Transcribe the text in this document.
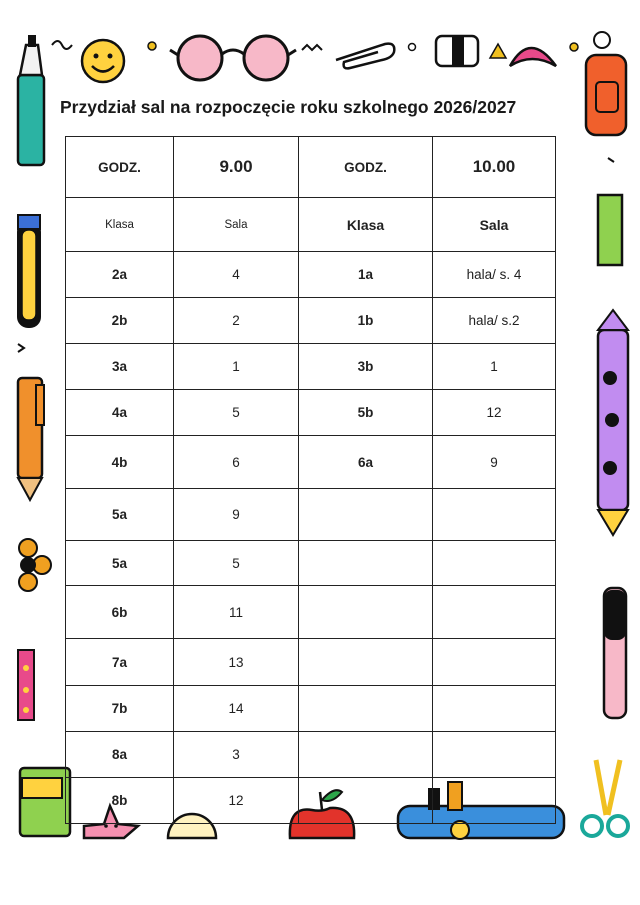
Przydział sal na rozpoczęcie roku szkolnego 2026/2027
GODZ.	9.00	GODZ.	10.00
Klasa	Sala	Klasa	Sala
2a	4	1a	hala/ s. 4
2b	2	1b	hala/ s.2
3a	1	3b	1
4a	5	5b	12
4b	6	6a	9
5a	9		
5a	5		
6b	11		
7a	13		
7b	14		
8a	3		
8b	12		
